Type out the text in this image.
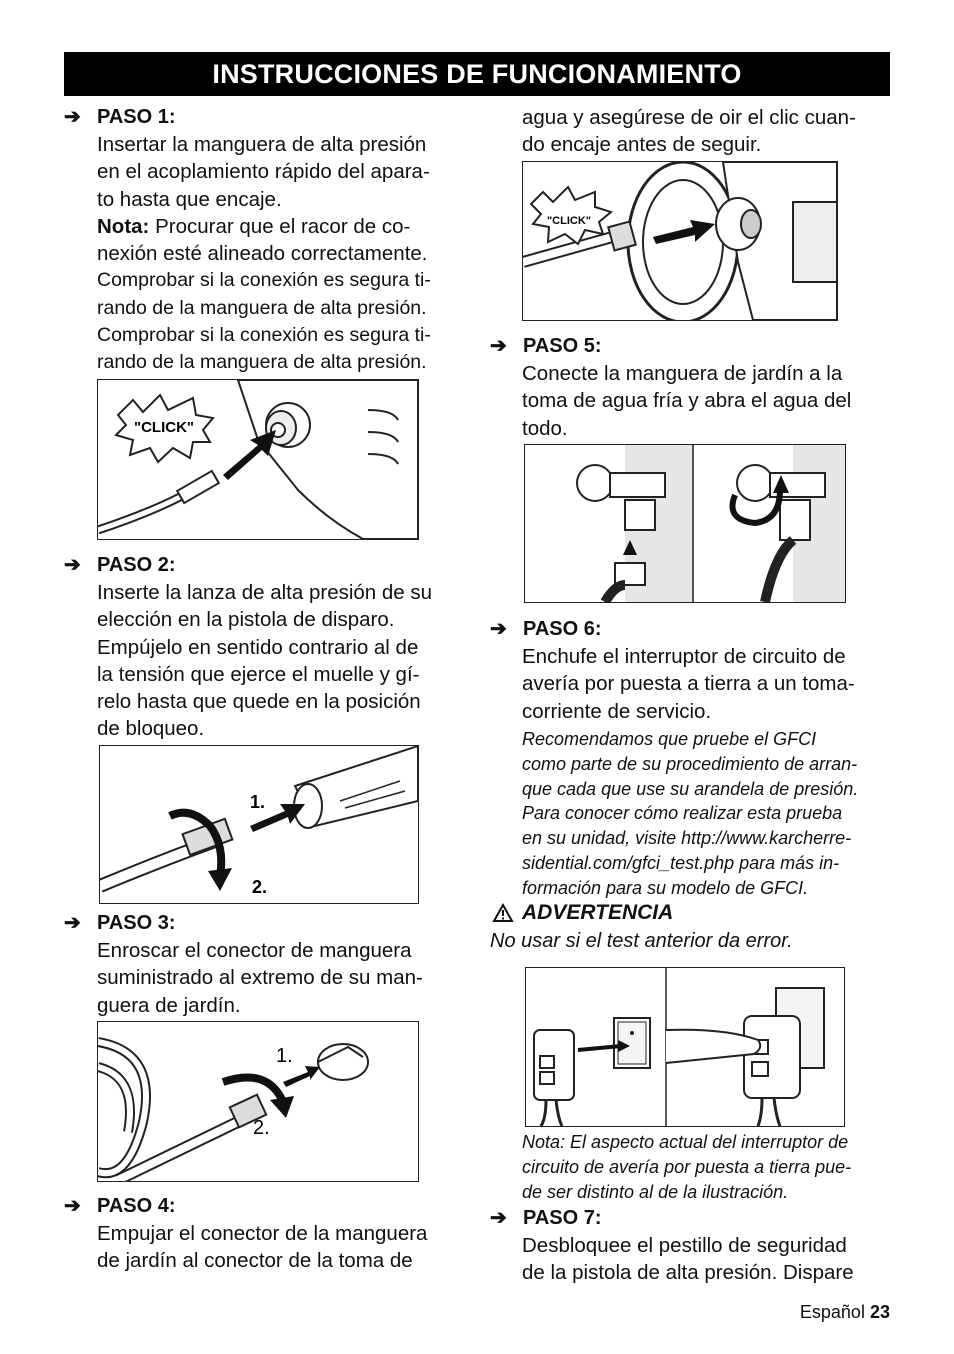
INSTRUCCIONES DE FUNCIONAMIENTO
➔ PASO 1:

Insertar la manguera de alta presión

en el acoplamiento rápido del apara-

to hasta que encaje.

Nota: Procurar que el racor de co-

nexión esté alineado correctamente.

Comprobar si la conexión es segura ti-

rando de la manguera de alta presión.

Comprobar si la conexión es segura ti-

rando de la manguera de alta presión.

"CLICK"
➔ PASO 2:

Inserte la lanza de alta presión de su

elección en la pistola de disparo.

Empújelo en sentido contrario al de

la tensión que ejerce el muelle y gí-

relo hasta que quede en la posición

de bloqueo.

1.
2.
➔ PASO 3:

Enroscar el conector de manguera

suministrado al extremo de su man-

guera de jardín.

1.
2.
➔ PASO 4:

Empujar el conector de la manguera

de jardín al conector de la toma de

agua y asegúrese de oir el clic cuan-

do encaje antes de seguir.

"CLICK"
➔ PASO 5:

Conecte la manguera de jardín a la

toma de agua fría y abra el agua del

todo.

➔ PASO 6:

Enchufe el interruptor de circuito de

avería por puesta a tierra a un toma-

corriente de servicio.

Recomendamos que pruebe el GFCI

como parte de su procedimiento de arran-

que cada que use su arandela de presión.

Para conocer cómo realizar esta prueba

en su unidad, visite http://www.karcherre-

sidential.com/gfci_test.php para más in-

formación para su modelo de GFCI.

ADVERTENCIA
No usar si el test anterior da error.

Nota: El aspecto actual del interruptor de

circuito de avería por puesta a tierra pue-

de ser distinto al de la ilustración.

➔ PASO 7:

Desbloquee el pestillo de seguridad

de la pistola de alta presión. Dispare

Español 23
